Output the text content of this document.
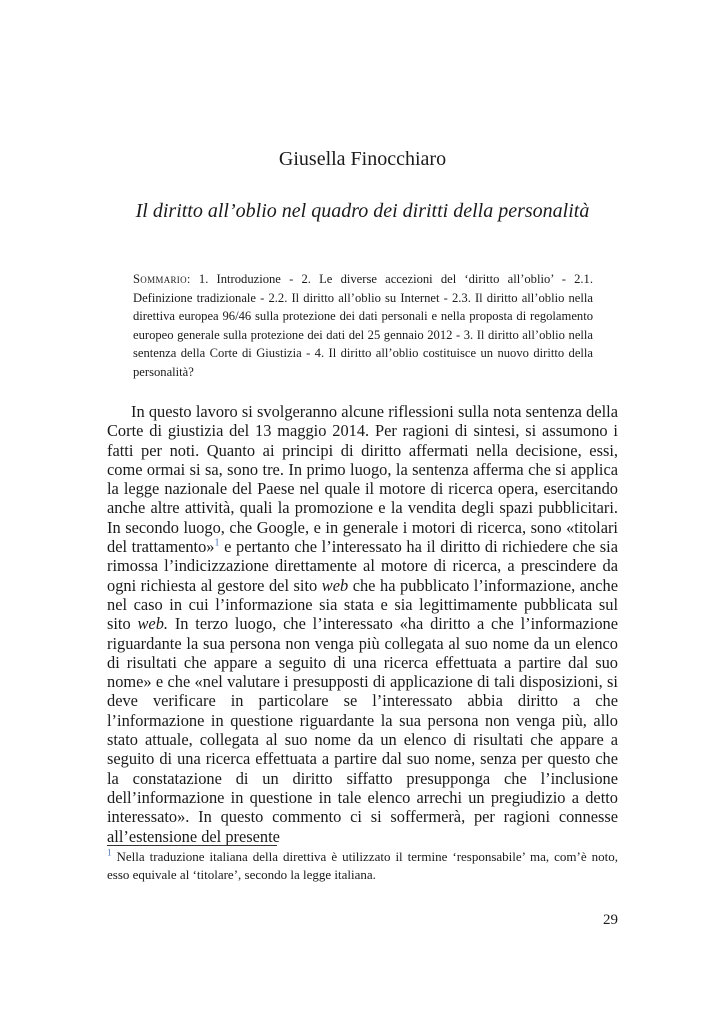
Giusella Finocchiaro
Il diritto all’oblio nel quadro dei diritti della personalità
Sommario: 1. Introduzione - 2. Le diverse accezioni del ‘diritto all’oblio’ - 2.1. Definizione tradizionale - 2.2. Il diritto all’oblio su Internet - 2.3. Il diritto all’oblio nella direttiva europea 96/46 sulla protezione dei dati personali e nella proposta di regolamento europeo generale sulla protezione dei dati del 25 gennaio 2012 - 3. Il diritto all’oblio nella sentenza della Corte di Giustizia - 4. Il diritto all’oblio costituisce un nuovo diritto della personalità?

In questo lavoro si svolgeranno alcune riflessioni sulla nota sentenza della Corte di giustizia del 13 maggio 2014. Per ragioni di sintesi, si assumono i fatti per noti. Quanto ai principi di diritto affermati nella decisione, essi, come ormai si sa, sono tre. In primo luogo, la sentenza afferma che si applica la legge nazionale del Paese nel quale il motore di ricerca opera, esercitando anche altre attività, quali la promozione e la vendita degli spazi pubblicitari. In secondo luogo, che Google, e in generale i motori di ricerca, sono «titolari del trattamento»$^1$ e pertanto che l’interessato ha il diritto di richiedere che sia rimossa l’indicizzazione direttamente al motore di ricerca, a prescindere da ogni richiesta al gestore del sito web che ha pubblicato l’informazione, anche nel caso in cui l’informazione sia stata e sia legittimamente pubblicata sul sito web. In terzo luogo, che l’interessato «ha diritto a che l’informazione riguardante la sua persona non venga più collegata al suo nome da un elenco di risultati che appare a seguito di una ricerca effettuata a partire dal suo nome» e che «nel valutare i presupposti di applicazione di tali disposizioni, si deve verificare in particolare se l’interessato abbia diritto a che l’informazione in questione riguardante la sua persona non venga più, allo stato attuale, collegata al suo nome da un elenco di risultati che appare a seguito di una ricerca effettuata a partire dal suo nome, senza per questo che la constatazione di un diritto siffatto presupponga che l’inclusione dell’informazione in questione in tale elenco arrechi un pregiudizio a detto interessato». In questo commento ci si soffermerà, per ragioni connesse all’estensione del presente

$^1$ Nella traduzione italiana della direttiva è utilizzato il termine ‘responsabile’ ma, com’è noto, esso equivale al ‘titolare’, secondo la legge italiana.
29
